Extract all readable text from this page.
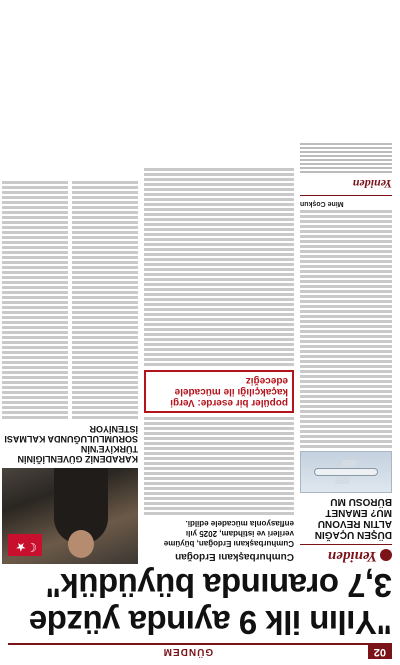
02
GÜNDEM
"Yılın ilk 9 ayında yüzde
3,7 oranında büyüdük"
Yeniden
DÜŞEN UÇAĞIN ALTIN REVONU MU? EMANET BÜROSU MU
Mine Coşkun
Yeniden
Cumhurbaşkanı Erdoğan
Cumhurbaşkanı Erdoğan, büyüme verileri ve istihdam, 2025 yılı enflasyonla mücadele edildi.
popüler bir eserde: Vergi kaçakçılığı ile mücadele edeceğiz
☾★
KARADENİZ GÜVENLİĞİNİN TÜRKİYE'NİN SORUMLULUĞUNDA KALMASI İSTENİYOR
